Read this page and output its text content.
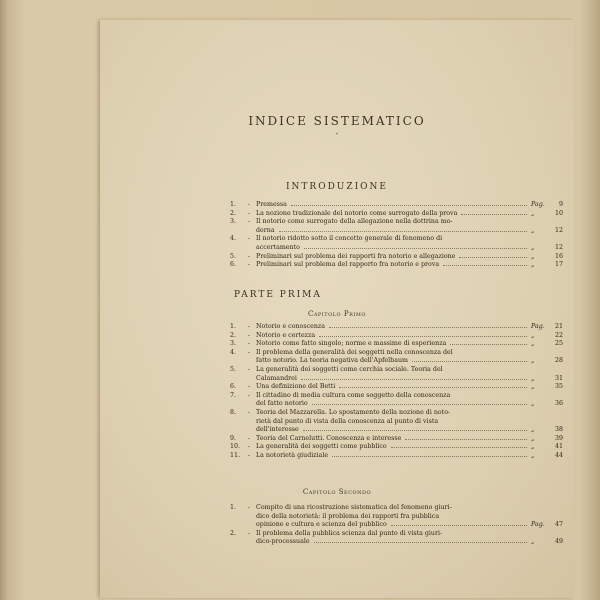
INDICE SISTEMATICO
*
INTRODUZIONE
1.	- Premessa	Pag.	9
2.	- La nozione tradizionale del notorio come surrogato della prova	„	10
3.	- Il notorio come surrogato della allegazione nella dottrina mo-
derna	„	12
4.	- Il notorio ridotto sotto il concetto generale di fenomeno di
accertamento	„	12
5.	- Preliminari sul problema dei rapporti fra notorio e allegazione	„	16
6.	- Preliminari sul problema del rapporto fra notorio e prova	„	17
PARTE PRIMA
Capitolo Primo
1.	- Notorio e conoscenza	Pag.	21
2.	- Notorio e certezza	„	22
3.	- Notorio come fatto singolo; norme e massime di esperienza	„	25
4.	- Il problema della generalità dei soggetti nella conoscenza del
fatto notorio. La teoria negativa dell'Apfelbaum	„	28
5.	- La generalità dei soggetti come cerchia sociale. Teoria del
Calamandrei	„	31
6.	- Una definizione del Betti	„	35
7.	- Il cittadino di media cultura come soggetto della conoscenza
del fatto notorio	„	36
8.	- Teoria del Mazzarella. Lo spostamento della nozione di noto-
rietà dal punto di vista della conoscenza al punto di vista
dell'interesse	„	38
9.	- Teoria del Carnelutti. Conoscenza e interesse	„	39
10.	- La generalità dei soggetti come pubblico	„	41
11.	- La notorietà giudiziale	„	44
Capitolo Secondo
1.	- Compito di una ricostruzione sistematica del fenomeno giuri-
dico della notorietà: il problema dei rapporti fra pubblica
opinione e cultura e scienza del pubblico	Pag.	47
2.	- Il problema della pubblica scienza dal punto di vista giuri-
dico-processuale	„	49
